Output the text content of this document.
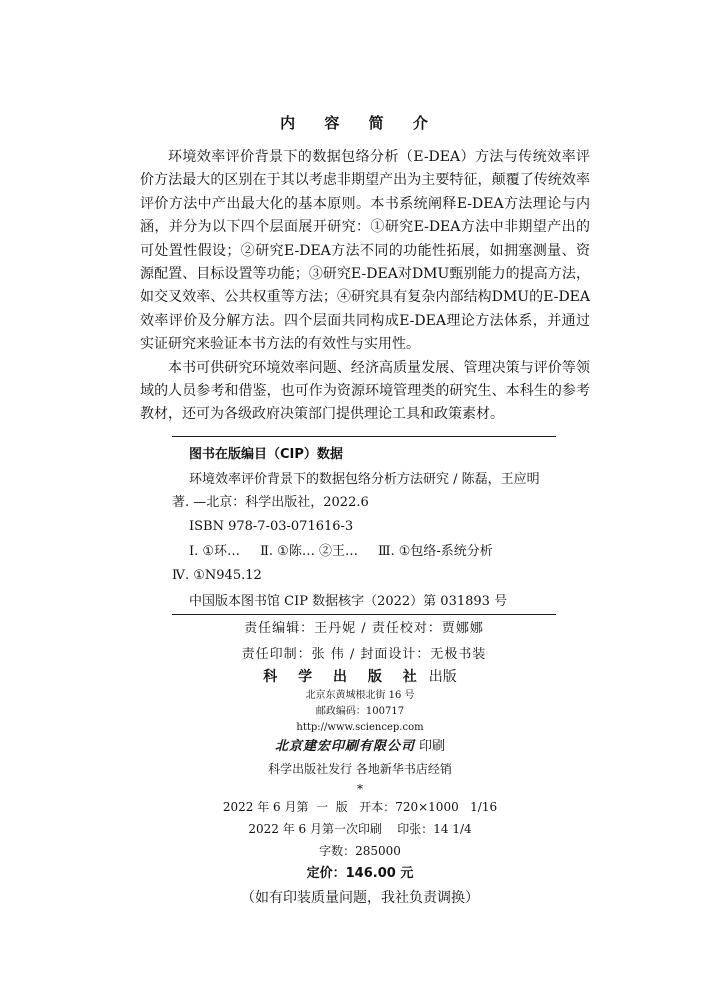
内 容 简 介

环境效率评价背景下的数据包络分析（E-DEA）方法与传统效率评价方法最大的区别在于其以考虑非期望产出为主要特征，颠覆了传统效率评价方法中产出最大化的基本原则。本书系统阐释E-DEA方法理论与内涵，并分为以下四个层面展开研究：①研究E-DEA方法中非期望产出的可处置性假设；②研究E-DEA方法不同的功能性拓展，如拥塞测量、资源配置、目标设置等功能；③研究E-DEA对DMU甄别能力的提高方法，如交叉效率、公共权重等方法；④研究具有复杂内部结构DMU的E-DEA效率评价及分解方法。四个层面共同构成E-DEA理论方法体系，并通过实证研究来验证本书方法的有效性与实用性。

本书可供研究环境效率问题、经济高质量发展、管理决策与评价等领域的人员参考和借鉴，也可作为资源环境管理类的研究生、本科生的参考教材，还可为各级政府决策部门提供理论工具和政策素材。

图书在版编目（CIP）数据
环境效率评价背景下的数据包络分析方法研究 / 陈磊，王应明
著. —北京：科学出版社，2022.6
ISBN 978-7-03-071616-3
Ⅰ. ①环… Ⅱ. ①陈… ②王… Ⅲ. ①包络-系统分析
Ⅳ. ①N945.12
中国版本图书馆 CIP 数据核字（2022）第 031893 号
责任编辑：王丹妮 / 责任校对：贾娜娜
责任印制：张 伟 / 封面设计：无极书装
科 学 出 版 社 出版
北京东黄城根北街 16 号
邮政编码：100717
http://www.sciencep.com
北京建宏印刷有限公司 印刷
科学出版社发行 各地新华书店经销
*
2022 年 6 月第  一  版   开本：720×1000   1/16
2022 年 6 月第一次印刷    印张：14 1/4
字数：285000
定价：146.00 元
（如有印装质量问题，我社负责调换）
